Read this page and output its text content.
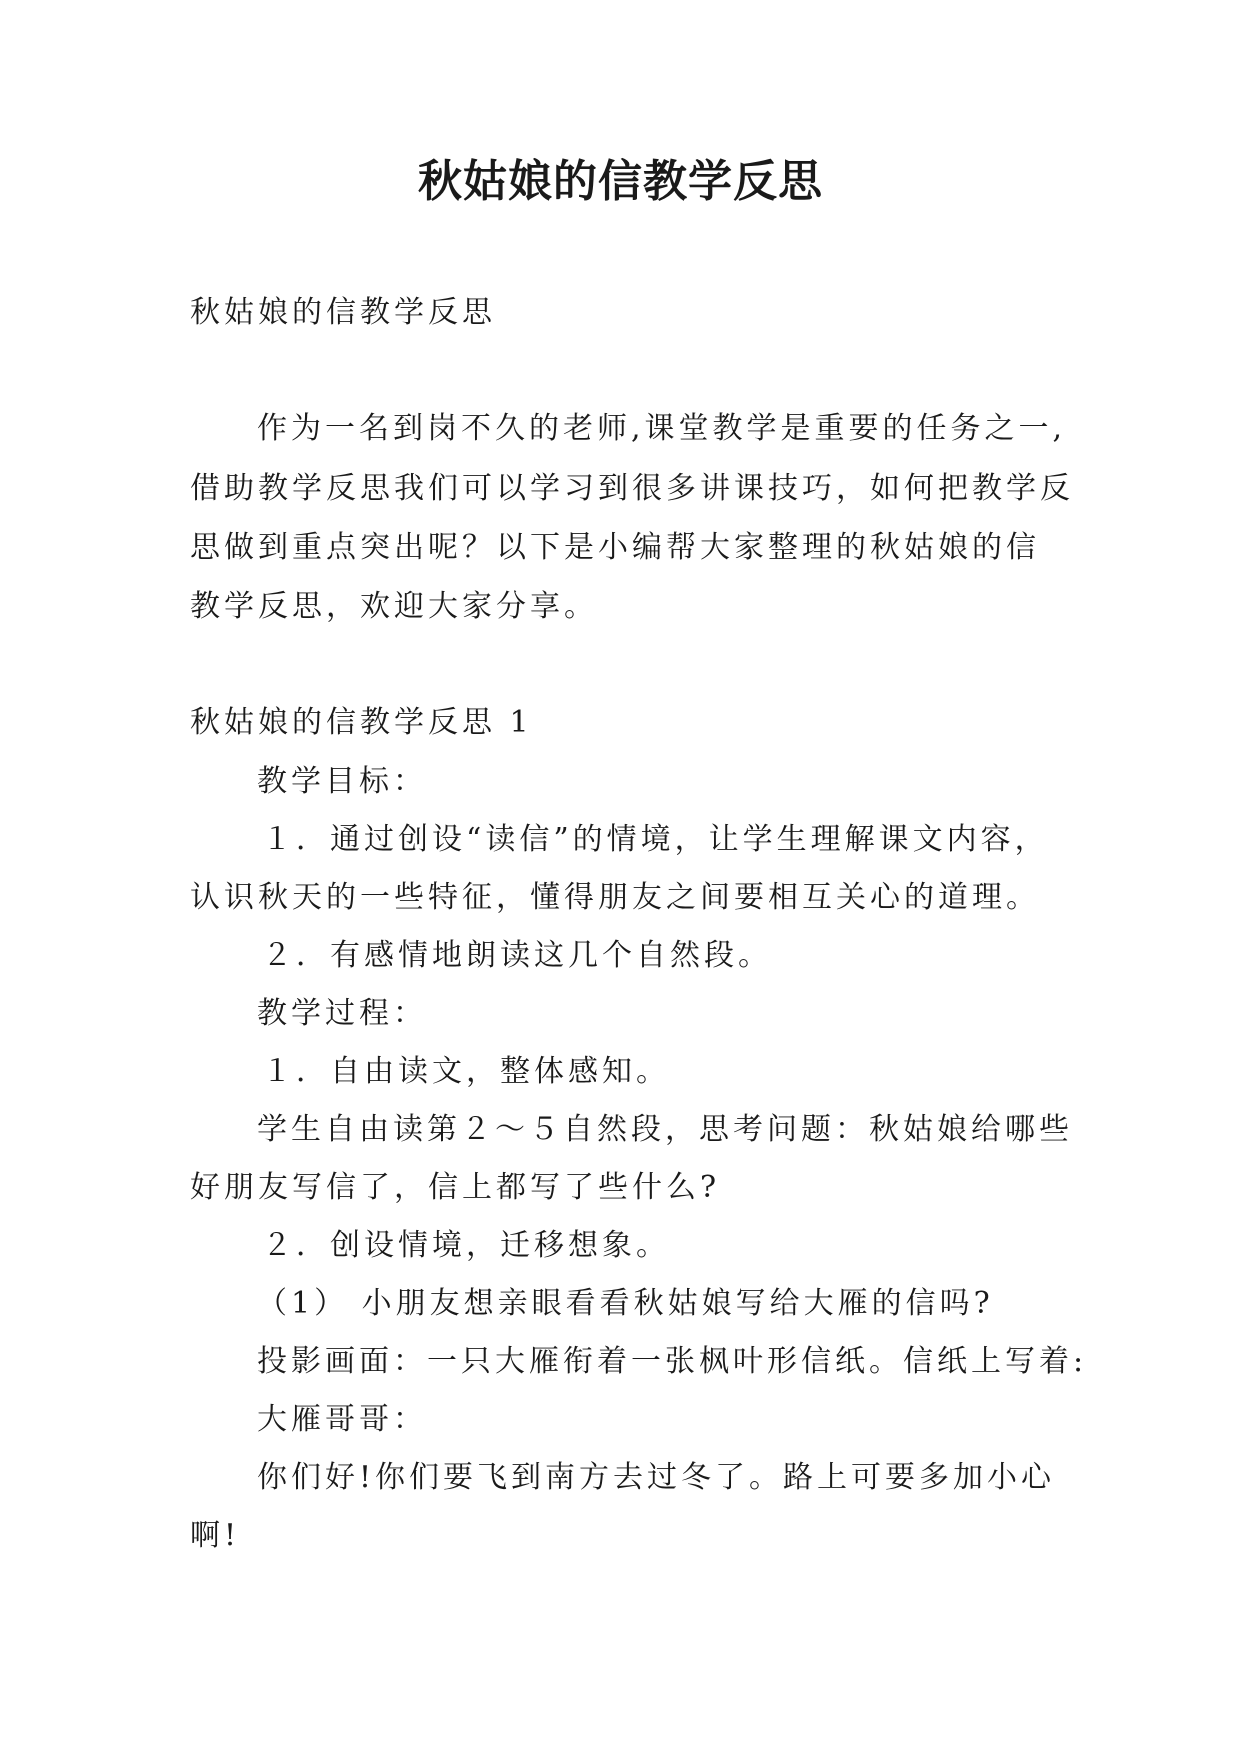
秋姑娘的信教学反思

秋姑娘的信教学反思

作为一名到岗不久的老师,课堂教学是重要的任务之一,

借助教学反思我们可以学习到很多讲课技巧，如何把教学反

思做到重点突出呢？以下是小编帮大家整理的秋姑娘的信

教学反思，欢迎大家分享。

秋姑娘的信教学反思 1

教学目标：

１．通过创设“读信”的情境，让学生理解课文内容，

认识秋天的一些特征，懂得朋友之间要相互关心的道理。

２．有感情地朗读这几个自然段。

教学过程：

１．自由读文，整体感知。

学生自由读第２～５自然段，思考问题：秋姑娘给哪些

好朋友写信了，信上都写了些什么?

２．创设情境，迁移想象。

（1） 小朋友想亲眼看看秋姑娘写给大雁的信吗?

投影画面：一只大雁衔着一张枫叶形信纸。信纸上写着:

大雁哥哥：

你们好!你们要飞到南方去过冬了。路上可要多加小心

啊!
